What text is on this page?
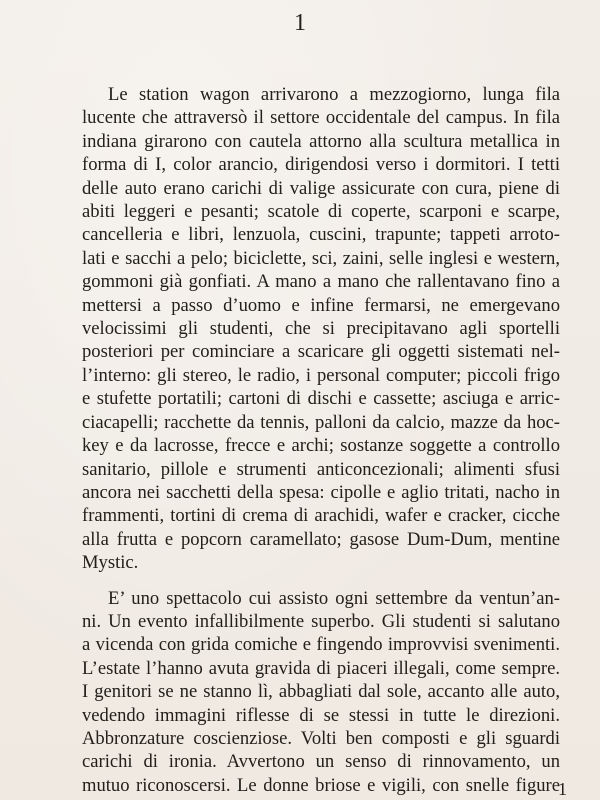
1
Le station wagon arrivarono a mezzogiorno, lunga fila
lucente che attraversò il settore occidentale del campus. In fila
indiana girarono con cautela attorno alla scultura metallica in
forma di I, color arancio, dirigendosi verso i dormitori. I tetti
delle auto erano carichi di valige assicurate con cura, piene di
abiti leggeri e pesanti; scatole di coperte, scarponi e scarpe,
cancelleria e libri, lenzuola, cuscini, trapunte; tappeti arroto-
lati e sacchi a pelo; biciclette, sci, zaini, selle inglesi e western,
gommoni già gonfiati. A mano a mano che rallentavano fino a
mettersi a passo d’uomo e infine fermarsi, ne emergevano
velocissimi gli studenti, che si precipitavano agli sportelli
posteriori per cominciare a scaricare gli oggetti sistemati nel-
l’interno: gli stereo, le radio, i personal computer; piccoli frigo
e stufette portatili; cartoni di dischi e cassette; asciuga e arric-
ciacapelli; racchette da tennis, palloni da calcio, mazze da hoc-
key e da lacrosse, frecce e archi; sostanze soggette a controllo
sanitario, pillole e strumenti anticoncezionali; alimenti sfusi
ancora nei sacchetti della spesa: cipolle e aglio tritati, nacho in
frammenti, tortini di crema di arachidi, wafer e cracker, cicche
alla frutta e popcorn caramellato; gasose Dum-Dum, mentine
Mystic.
E’ uno spettacolo cui assisto ogni settembre da ventun’an-
ni. Un evento infallibilmente superbo. Gli studenti si salutano
a vicenda con grida comiche e fingendo improvvisi svenimenti.
L’estate l’hanno avuta gravida di piaceri illegali, come sempre.
I genitori se ne stanno lì, abbagliati dal sole, accanto alle auto,
vedendo immagini riflesse di se stessi in tutte le direzioni.
Abbronzature coscienziose. Volti ben composti e gli sguardi
carichi di ironia. Avvertono un senso di rinnovamento, un
mutuo riconoscersi. Le donne briose e vigili, con snelle figure
1
